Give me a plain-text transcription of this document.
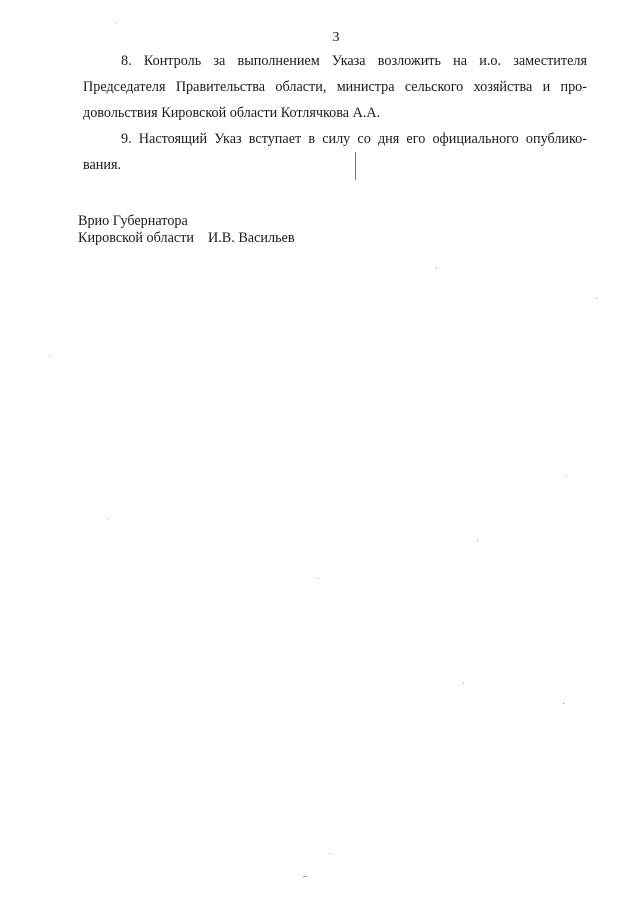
3
8. Контроль за выполнением Указа возложить на и.о. заместителя
Председателя Правительства области, министра сельского хозяйства и про-
довольствия Кировской области Котлячкова А.А.
9. Настоящий Указ вступает в силу со дня его официального опублико-
вания.
Врио Губернатора
Кировской области И.В. Васильев
